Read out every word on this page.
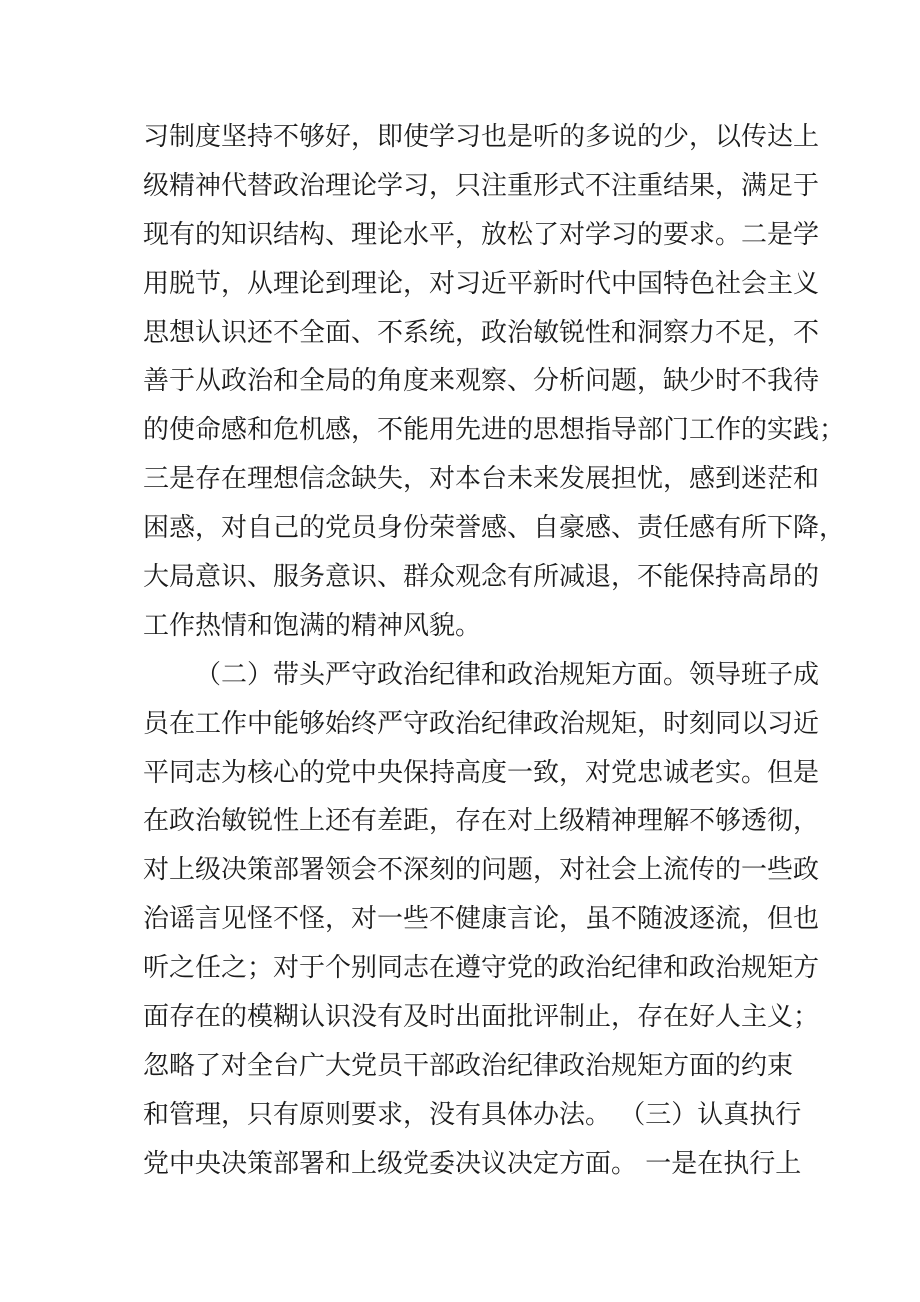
习制度坚持不够好，即使学习也是听的多说的少，以传达上
级精神代替政治理论学习，只注重形式不注重结果，满足于
现有的知识结构、理论水平，放松了对学习的要求。二是学
用脱节，从理论到理论，对习近平新时代中国特色社会主义
思想认识还不全面、不系统，政治敏锐性和洞察力不足，不
善于从政治和全局的角度来观察、分析问题，缺少时不我待
的使命感和危机感，不能用先进的思想指导部门工作的实践；
三是存在理想信念缺失，对本台未来发展担忧，感到迷茫和
困惑，对自己的党员身份荣誉感、自豪感、责任感有所下降，
大局意识、服务意识、群众观念有所减退，不能保持高昂的
工作热情和饱满的精神风貌。
（二）带头严守政治纪律和政治规矩方面。领导班子成
员在工作中能够始终严守政治纪律政治规矩，时刻同以习近
平同志为核心的党中央保持高度一致，对党忠诚老实。但是
在政治敏锐性上还有差距，存在对上级精神理解不够透彻，
对上级决策部署领会不深刻的问题，对社会上流传的一些政
治谣言见怪不怪，对一些不健康言论，虽不随波逐流，但也
听之任之；对于个别同志在遵守党的政治纪律和政治规矩方
面存在的模糊认识没有及时出面批评制止，存在好人主义；
忽略了对全台广大党员干部政治纪律政治规矩方面的约束
和管理，只有原则要求，没有具体办法。 （三）认真执行
党中央决策部署和上级党委决议决定方面。 一是在执行上
